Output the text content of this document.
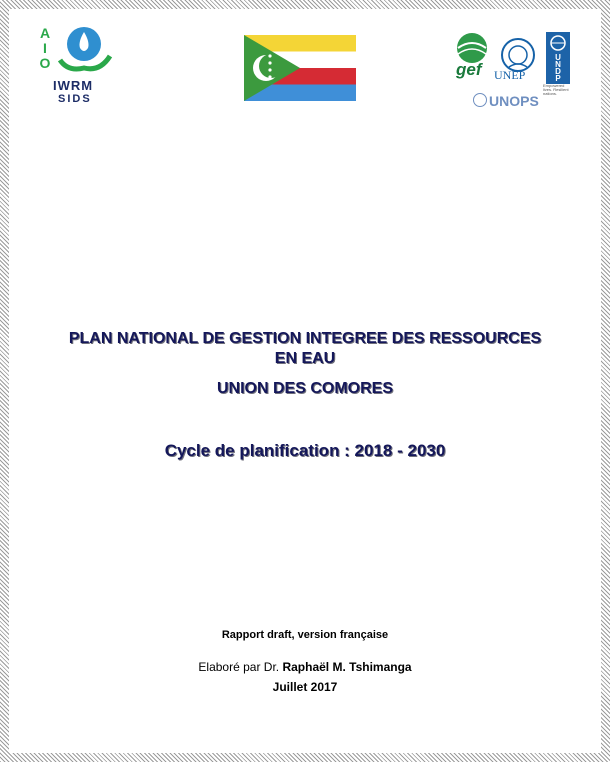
A
I
O
IWRM
SIDS
gef UNEP
U
N
D
P
Empowered lives. Resilient nations.
UNOPS
PLAN NATIONAL DE GESTION INTEGREE DES RESSOURCES
EN EAU
UNION DES COMORES
Cycle de planification : 2018 - 2030
Rapport draft, version française
Elaboré par Dr. Raphaël M. Tshimanga
Juillet 2017
